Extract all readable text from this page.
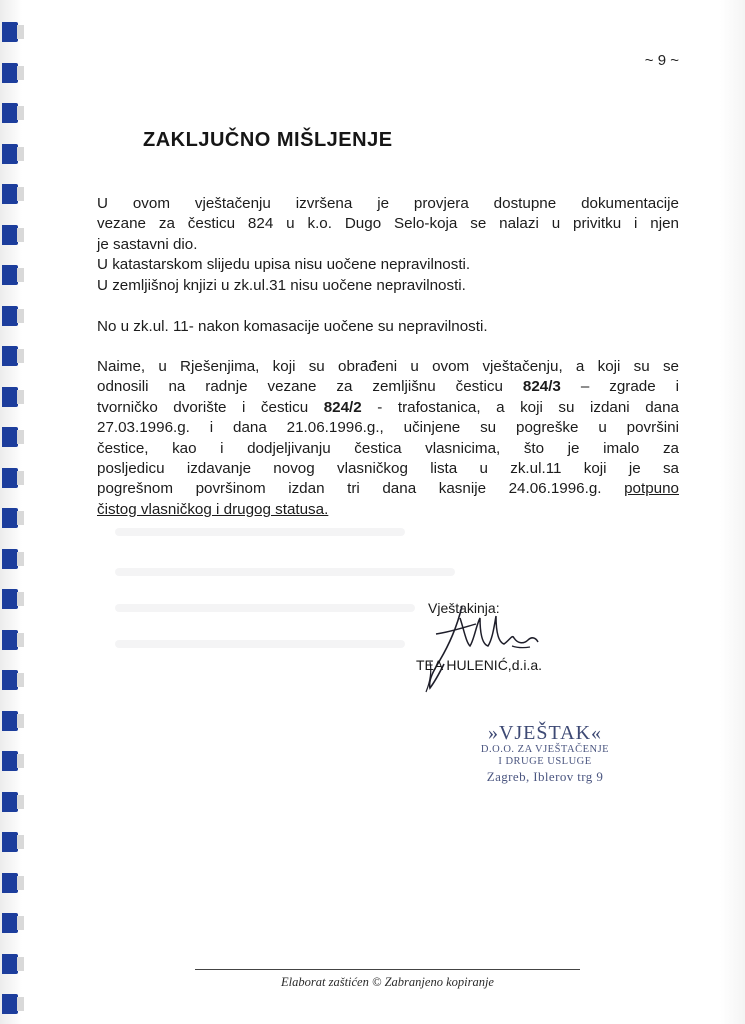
~ 9 ~
ZAKLJUČNO MIŠLJENJE
U ovom vještačenju izvršena je provjera dostupne dokumentacije
vezane za česticu 824 u k.o. Dugo Selo-koja se nalazi u privitku i njen
je sastavni dio.
U katastarskom slijedu upisa nisu uočene nepravilnosti.
U zemljišnoj knjizi u zk.ul.31 nisu uočene nepravilnosti.
No u zk.ul. 11- nakon komasacije uočene su nepravilnosti.
Naime, u Rješenjima, koji su obrađeni u ovom vještačenju, a koji su se
odnosili na radnje vezane za zemljišnu česticu 824/3 – zgrade i
tvorničko dvorište i česticu 824/2 - trafostanica, a koji su izdani dana
27.03.1996.g. i dana 21.06.1996.g., učinjene su pogreške u površini
čestice, kao i dodjeljivanju čestica vlasnicima, što je imalo za
posljedicu izdavanje novog vlasničkog lista u zk.ul.11 koji je sa
pogrešnom površinom izdan tri dana kasnije 24.06.1996.g. potpuno
čistog vlasničkog i drugog statusa.
Vještakinja:
TEA HULENIĆ,d.i.a.
»VJEŠTAK«
D.O.O. ZA VJEŠTAČENJE
I DRUGE USLUGE
Zagreb, Iblerov trg 9
Elaborat zaštićen © Zabranjeno kopiranje
